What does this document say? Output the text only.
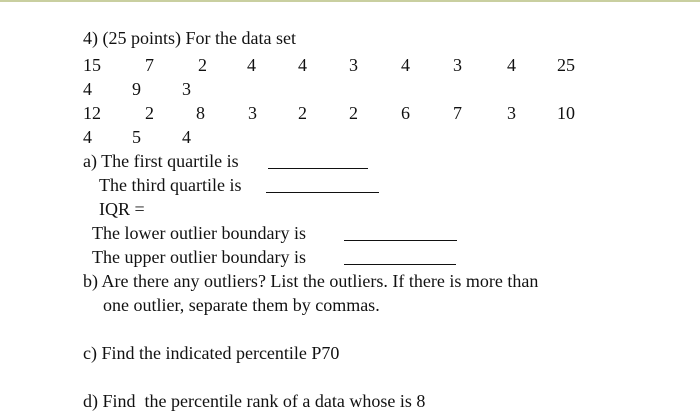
4) (25 points) For the data set
15 7 2 4 4 3 4 3	4 25
4 9 3
12 2 8 3 2 2 6 7	3 10
4 5 4
a) The first quartile is
The third quartile is
IQR =
The lower outlier boundary is
The upper outlier boundary is
b) Are there any outliers? List the outliers. If there is more than
one outlier, separate them by commas.
c) Find the indicated percentile P70
d) Find  the percentile rank of a data whose is 8
